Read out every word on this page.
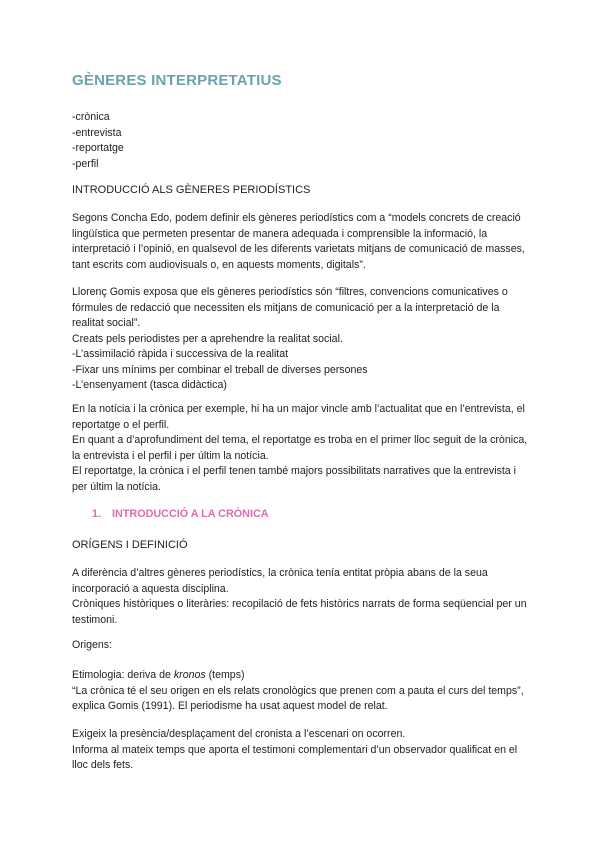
GÈNERES INTERPRETATIUS
-crònica
-entrevista
-reportatge
-perfil
INTRODUCCIÓ ALS GÈNERES PERIODÍSTICS

Segons Concha Edo, podem definir els gèneres periodístics com a “models concrets de creació lingüística que permeten presentar de manera adequada i comprensible la informació, la interpretació i l’opinió, en qualsevol de les diferents varietats mitjans de comunicació de masses, tant escrits com audiovisuals o, en aquests moments, digitals”.

Llorenç Gomis exposa que els gèneres periodístics són “filtres, convencions comunicatives o fórmules de redacció que necessiten els mitjans de comunicació per a la interpretació de la realitat social”.

Creats pels periodistes per a aprehendre la realitat social.

-L’assimilació ràpida i successiva de la realitat
-Fixar uns mínims per combinar el treball de diverses persones
-L’ensenyament (tasca didàctica)

En la notícia i la crònica per exemple, hi ha un major vincle amb l’actualitat que en l’entrevista, el reportatge o el perfil.

En quant a d’aprofundiment del tema, el reportatge es troba en el primer lloc seguit de la crònica, la entrevista i el perfil i per últim la notícia.

El reportatge, la crònica i el perfil tenen també majors possibilitats narratives que la entrevista i per últim la notícia.

1. INTRODUCCIÓ A LA CRÒNICA
ORÍGENS I DEFINICIÓ

A diferència d’altres gèneres periodístics, la crònica tenía entitat pròpia abans de la seua incorporació a aquesta disciplina.

Cròniques històriques o literàries: recopilació de fets històrics narrats de forma seqüencial per un testimoni.

Origens:

Etimologia: deriva de kronos (temps)

“La crònica té el seu origen en els relats cronològics que prenen com a pauta el curs del temps”, explica Gomis (1991). El periodisme ha usat aquest model de relat.

Exigeix la presència/desplaçament del cronista a l’escenari on ocorren.

Informa al mateix temps que aporta el testimoni complementari d’un observador qualificat en el lloc dels fets.
